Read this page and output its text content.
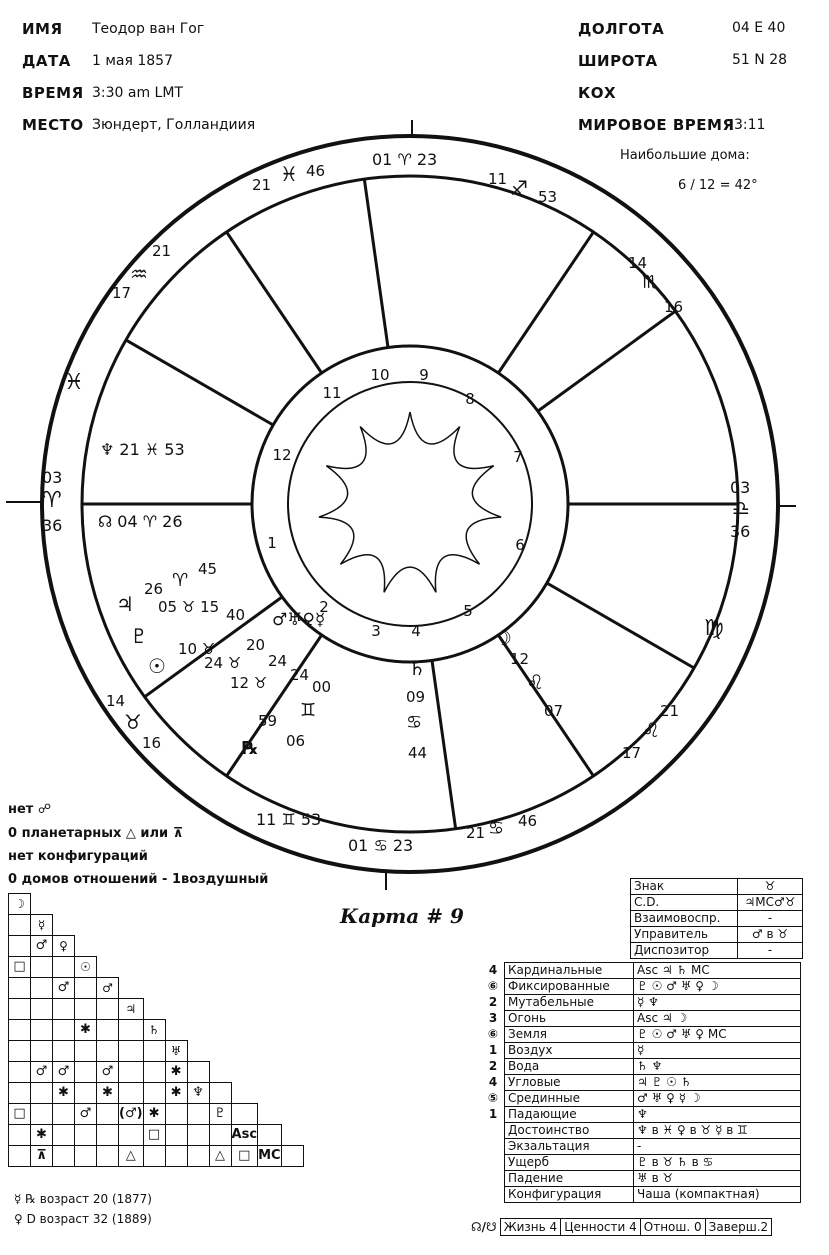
ИМЯ Теодор ван Гог
ДАТА 1 мая 1857
ВРЕМЯ 3:30 am LMT
МЕСТО Зюндерт, Голландиия
ДОЛГОТА	04 E 40
ШИРОТА	51 N 28
КОХ
МИРОВОЕ ВРЕМЯ 3:11
Наибольшие дома:
6 / 12 = 42°
1
2
3 4
5
6
7
8
9
10
11
12
01 ♈ 23
11 ♐ 53
14
♏
16
03
♎
36
♍
21
♌
17
01 ♋ 23
21 ♋ 46
11 ♊ 53
14
♉
16
03
♈
36
♓
21
♒
17
21 ♓ 46
♆ 21 ♓ 53
☊ 04 ♈ 26
26 ♈
45
♃
♇
05 ♉ 15 40
☉
10 ♉
♂♅♀☿
20
24
24
00
24 ♉
12 ♉
59 ♊
06
℞
☽
12
♌
07
♄
09
♋
44
нет ☍
0 планетарных △ или ⊼
нет конфигураций
0 домов отношений - 1воздушный
Карта # 9
☽												
	☿											
	♂	♀										
□			☉									
		♂		♂								
					♃							
			✱			♄						
							♅					
	♂	♂		♂			✱					
		✱		✱			✱	♆				
□			♂		(♂)	✱			♇			
	✱					□				Asc		
	⊼				△				△	□	MC	
☿ ℞ возраст 20 (1877)
♀ D возраст 32 (1889)
Знак	♉
С.D.	♃MC♂♉
Взаимовоспр.	-
Управитель	♂ в ♉
Диспозитор	-
4	Кардинальные	Asc ♃ ♄ MC
⑥	Фиксированные	♇ ☉ ♂ ♅ ♀ ☽
2	Мутабельные	☿ ♆
3	Огонь	Asc ♃ ☽
⑥	Земля	♇ ☉ ♂ ♅ ♀ MC
1	Воздух	☿
2	Вода	♄ ♆
4	Угловые	♃ ♇ ☉ ♄
⑤	Срединные	♂ ♅ ♀ ☿ ☽
1	Падающие	♆
	Достоинство	♆ в ♓ ♀ в ♉ ☿ в ♊
	Экзальтация	-
	Ущерб	♇ в ♉ ♄ в ♋
	Падение	♅ в ♉
	Конфигурация	Чаша (компактная)
☊/☋	Жизнь 4	Ценности 4	Отнош. 0	Заверш.2
